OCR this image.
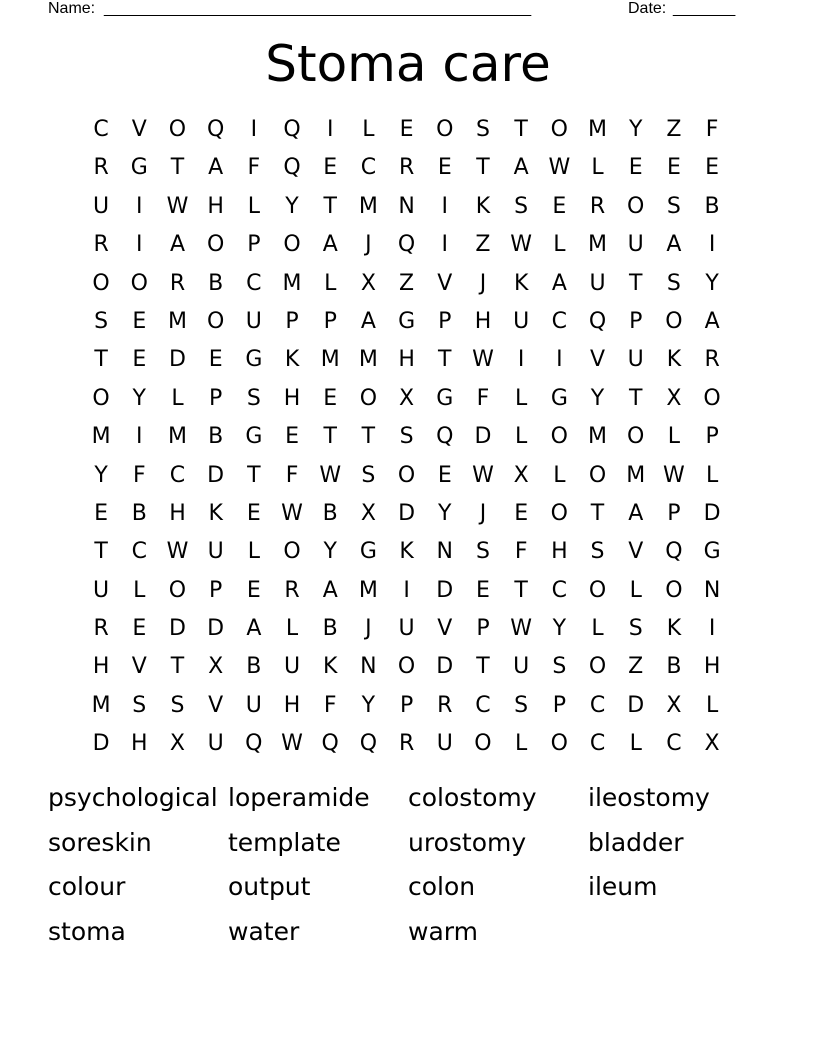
Name: ________________________________________________	Date: _______
Stoma care
C	V O Q	I	Q	I	L	E	O	S	T	O M Y	Z	F
R	G	T	A	F	Q	E	C	R	E	T	A W L	E	E	E
U	I	W H	L	Y	T M N	I	K	S	E	R O	S	B
R	I	A O	P	O	A	J	Q	I	Z W L	M U	A	I
O O R	B	C M	L	X	Z	V	J	K	A	U	T	S	Y
S	E M O U	P	P	A	G	P	H U	C Q	P	O	A
T	E	D	E	G	K M M H	T W	I	I	V	U	K	R
O	Y	L	P	S	H	E	O X	G	F	L	G	Y	T	X O
M	I	M B	G	E	T	T	S	Q D	L	O M O	L	P
Y	F	C	D	T	F W S	O	E W X	L	O M W L
E	B	H	K	E W B	X	D	Y	J	E	O	T	A	P	D
T	C W U	L	O	Y	G	K	N	S	F	H	S	V Q G
U	L	O	P	E	R	A M	I	D	E	T	C O	L	O N
R	E	D D	A	L	B	J	U	V	P W Y	L	S	K	I
H	V	T	X	B	U	K	N O D	T	U	S	O Z	B	H
M S	S	V	U H	F	Y	P	R	C	S	P	C	D	X	L
D H	X	U Q W Q Q R	U O	L	O C	L	C	X
psychological loperamide	colostomy	ileostomy
soreskin	template	urostomy	bladder
colour	output	colon	ileum
stoma	water	warm
